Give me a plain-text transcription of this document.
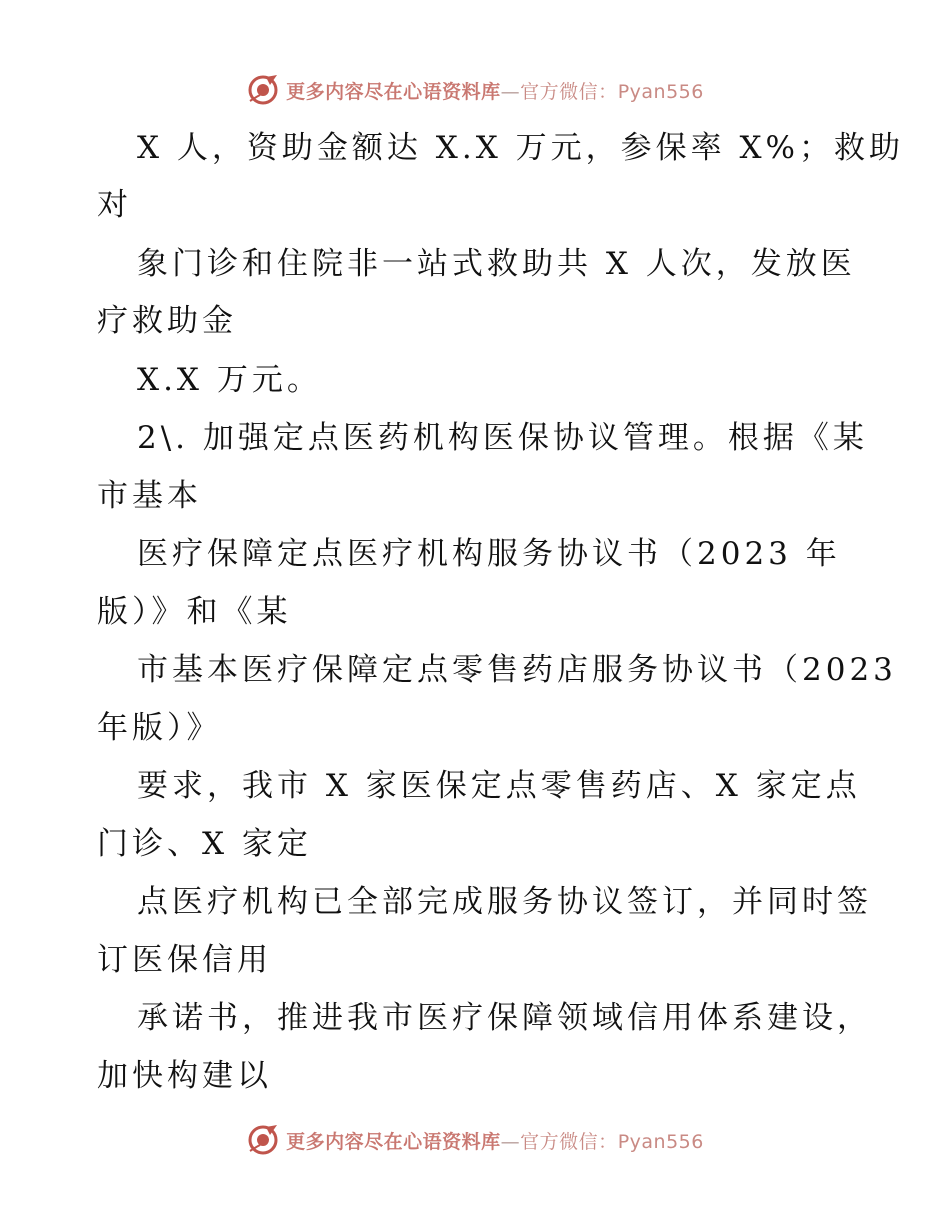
更多内容尽在心语资料库—官方微信：Pyan556
X 人，资助金额达 X.X 万元，参保率 X%；救助
对
象门诊和住院非一站式救助共 X 人次，发放医
疗救助金
X.X 万元。
2\. 加强定点医药机构医保协议管理。根据《某
市基本
医疗保障定点医疗机构服务协议书（2023 年
版）》和《某
市基本医疗保障定点零售药店服务协议书（2023
年版）》
要求，我市 X 家医保定点零售药店、X 家定点
门诊、X 家定
点医疗机构已全部完成服务协议签订，并同时签
订医保信用
承诺书，推进我市医疗保障领域信用体系建设，
加快构建以
更多内容尽在心语资料库—官方微信：Pyan556
